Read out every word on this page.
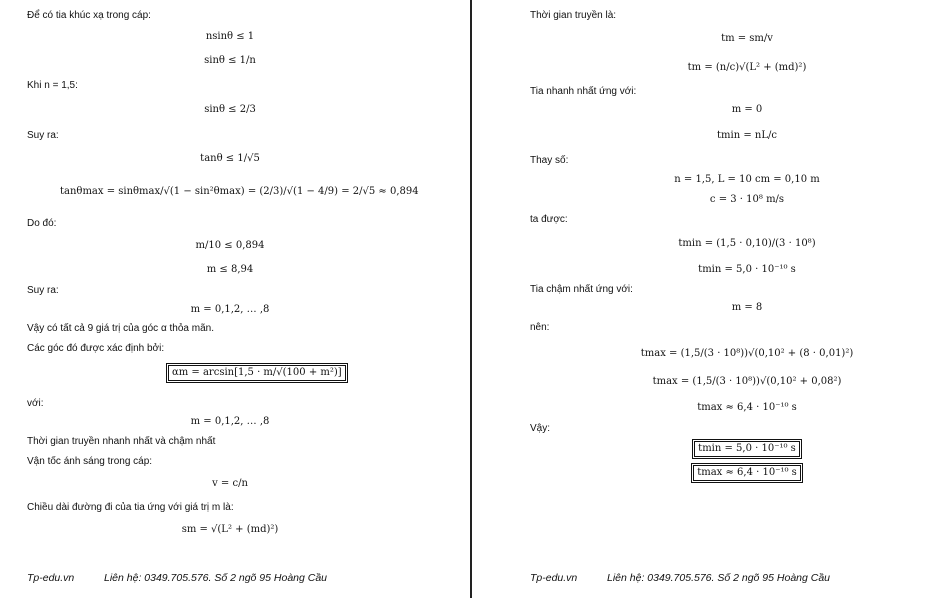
Để có tia khúc xạ trong cáp:
nsinθ ≤ 1
sinθ ≤ 1/n
Khi n = 1,5:
sinθ ≤ 2/3
Suy ra:
tanθ ≤ 1/√5
tanθmax = sinθmax/√(1 − sin²θmax) = (2/3)/√(1 − 4/9) = 2/√5 ≈ 0,894
Do đó:
m/10 ≤ 0,894
m ≤ 8,94
Suy ra:
m = 0,1,2, … ,8
Vậy có tất cả 9 giá trị của góc α thỏa mãn.
Các góc đó được xác định bởi:
αm = arcsin[1,5 · m/√(100 + m²)]
với:
m = 0,1,2, … ,8
Thời gian truyền nhanh nhất và chậm nhất
Vận tốc ánh sáng trong cáp:
v = c/n
Chiều dài đường đi của tia ứng với giá trị m là:
sm = √(L² + (md)²)
Tp-edu.vn	Liên hệ: 0349.705.576. Số 2 ngõ 95 Hoàng Cầu
Thời gian truyền là:
tm = sm/v
tm = (n/c)√(L² + (md)²)
Tia nhanh nhất ứng với:
m = 0
tmin = nL/c
Thay số:
n = 1,5, L = 10 cm = 0,10 m
c = 3 · 10⁸ m/s
ta được:
tmin = (1,5 · 0,10)/(3 · 10⁸)
tmin = 5,0 · 10⁻¹⁰ s
Tia chậm nhất ứng với:
m = 8
nên:
tmax = (1,5/(3 · 10⁸))√(0,10² + (8 · 0,01)²)
tmax = (1,5/(3 · 10⁸))√(0,10² + 0,08²)
tmax ≈ 6,4 · 10⁻¹⁰ s
Vậy:
tmin = 5,0 · 10⁻¹⁰ s
tmax ≈ 6,4 · 10⁻¹⁰ s
Tp-edu.vn	Liên hệ: 0349.705.576. Số 2 ngõ 95 Hoàng Cầu
